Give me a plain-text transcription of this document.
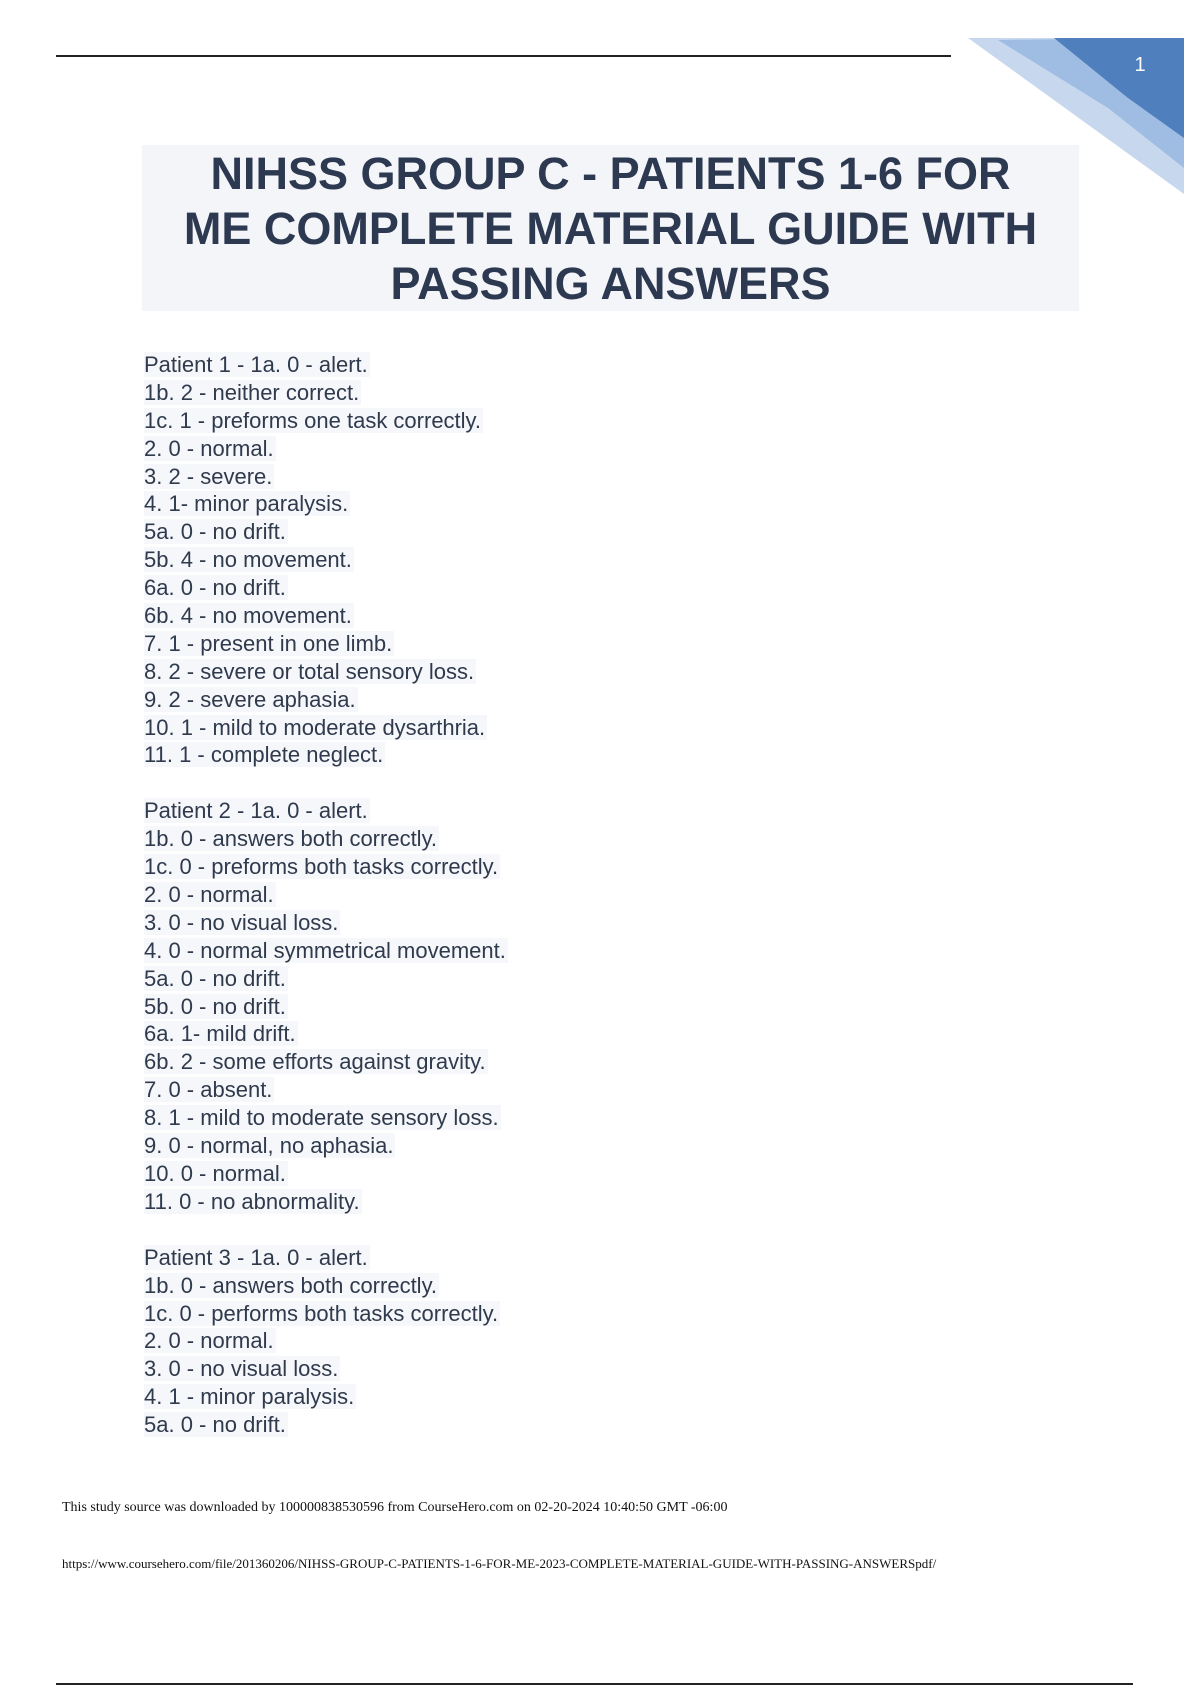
1
NIHSS GROUP C - PATIENTS 1-6 FOR
ME COMPLETE MATERIAL GUIDE WITH
PASSING ANSWERS
Patient 1 - 1a. 0 - alert.
1b. 2 - neither correct.
1c. 1 - preforms one task correctly.
2. 0 - normal.
3. 2 - severe.
4. 1- minor paralysis.
5a. 0 - no drift.
5b. 4 - no movement.
6a. 0 - no drift.
6b. 4 - no movement.
7. 1 - present in one limb.
8. 2 - severe or total sensory loss.
9. 2 - severe aphasia.
10. 1 - mild to moderate dysarthria.
11. 1 - complete neglect.
Patient 2 - 1a. 0 - alert.
1b. 0 - answers both correctly.
1c. 0 - preforms both tasks correctly.
2. 0 - normal.
3. 0 - no visual loss.
4. 0 - normal symmetrical movement.
5a. 0 - no drift.
5b. 0 - no drift.
6a. 1- mild drift.
6b. 2 - some efforts against gravity.
7. 0 - absent.
8. 1 - mild to moderate sensory loss.
9. 0 - normal, no aphasia.
10. 0 - normal.
11. 0 - no abnormality.
Patient 3 - 1a. 0 - alert.
1b. 0 - answers both correctly.
1c. 0 - performs both tasks correctly.
2. 0 - normal.
3. 0 - no visual loss.
4. 1 - minor paralysis.
5a. 0 - no drift.
This study source was downloaded by 100000838530596 from CourseHero.com on 02-20-2024 10:40:50 GMT -06:00
https://www.coursehero.com/file/201360206/NIHSS-GROUP-C-PATIENTS-1-6-FOR-ME-2023-COMPLETE-MATERIAL-GUIDE-WITH-PASSING-ANSWERSpdf/
